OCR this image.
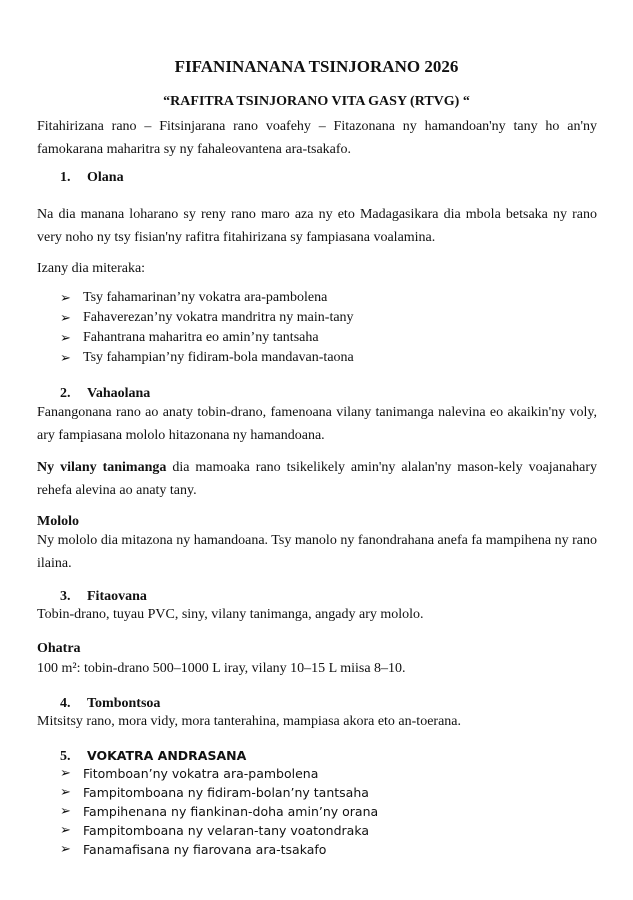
FIFANINANANA TSINJORANO 2026
“RAFITRA TSINJORANO VITA GASY (RTVG) “
Fitahirizana rano – Fitsinjarana rano voafehy – Fitazonana ny hamandoan'ny tany ho an'ny famokarana maharitra sy ny fahaleovantena ara-tsakafo.
1. Olana
Na dia manana loharano sy reny rano maro aza ny eto Madagasikara dia mbola betsaka ny rano very noho ny tsy fisian'ny rafitra fitahirizana sy fampiasana voalamina.
Izany dia miteraka:
➢ Tsy fahamarinan’ny vokatra ara-pambolena
➢ Fahaverezan’ny vokatra mandritra ny main-tany
➢ Fahantrana maharitra eo amin’ny tantsaha
➢ Tsy fahampian’ny fidiram-bola mandavan-taona
2. Vahaolana
Fanangonana rano ao anaty tobin-drano, famenoana vilany tanimanga nalevina eo akaikin'ny voly, ary fampiasana mololo hitazonana ny hamandoana.
Ny vilany tanimanga dia mamoaka rano tsikelikely amin'ny alalan'ny mason-kely voajanahary rehefa alevina ao anaty tany.
Mololo
Ny mololo dia mitazona ny hamandoana. Tsy manolo ny fanondrahana anefa fa mampihena ny rano ilaina.
3. Fitaovana
Tobin-drano, tuyau PVC, siny, vilany tanimanga, angady ary mololo.
Ohatra
100 m²: tobin-drano 500–1000 L iray, vilany 10–15 L miisa 8–10.
4. Tombontsoa
Mitsitsy rano, mora vidy, mora tanterahina, mampiasa akora eto an-toerana.
5. VOKATRA ANDRASANA
➢ Fitomboan’ny vokatra ara-pambolena
➢ Fampitomboana ny fidiram-bolan’ny tantsaha
➢ Fampihenana ny fiankinan-doha amin’ny orana
➢ Fampitomboana ny velaran-tany voatondraka
➢ Fanamafisana ny fiarovana ara-tsakafo
